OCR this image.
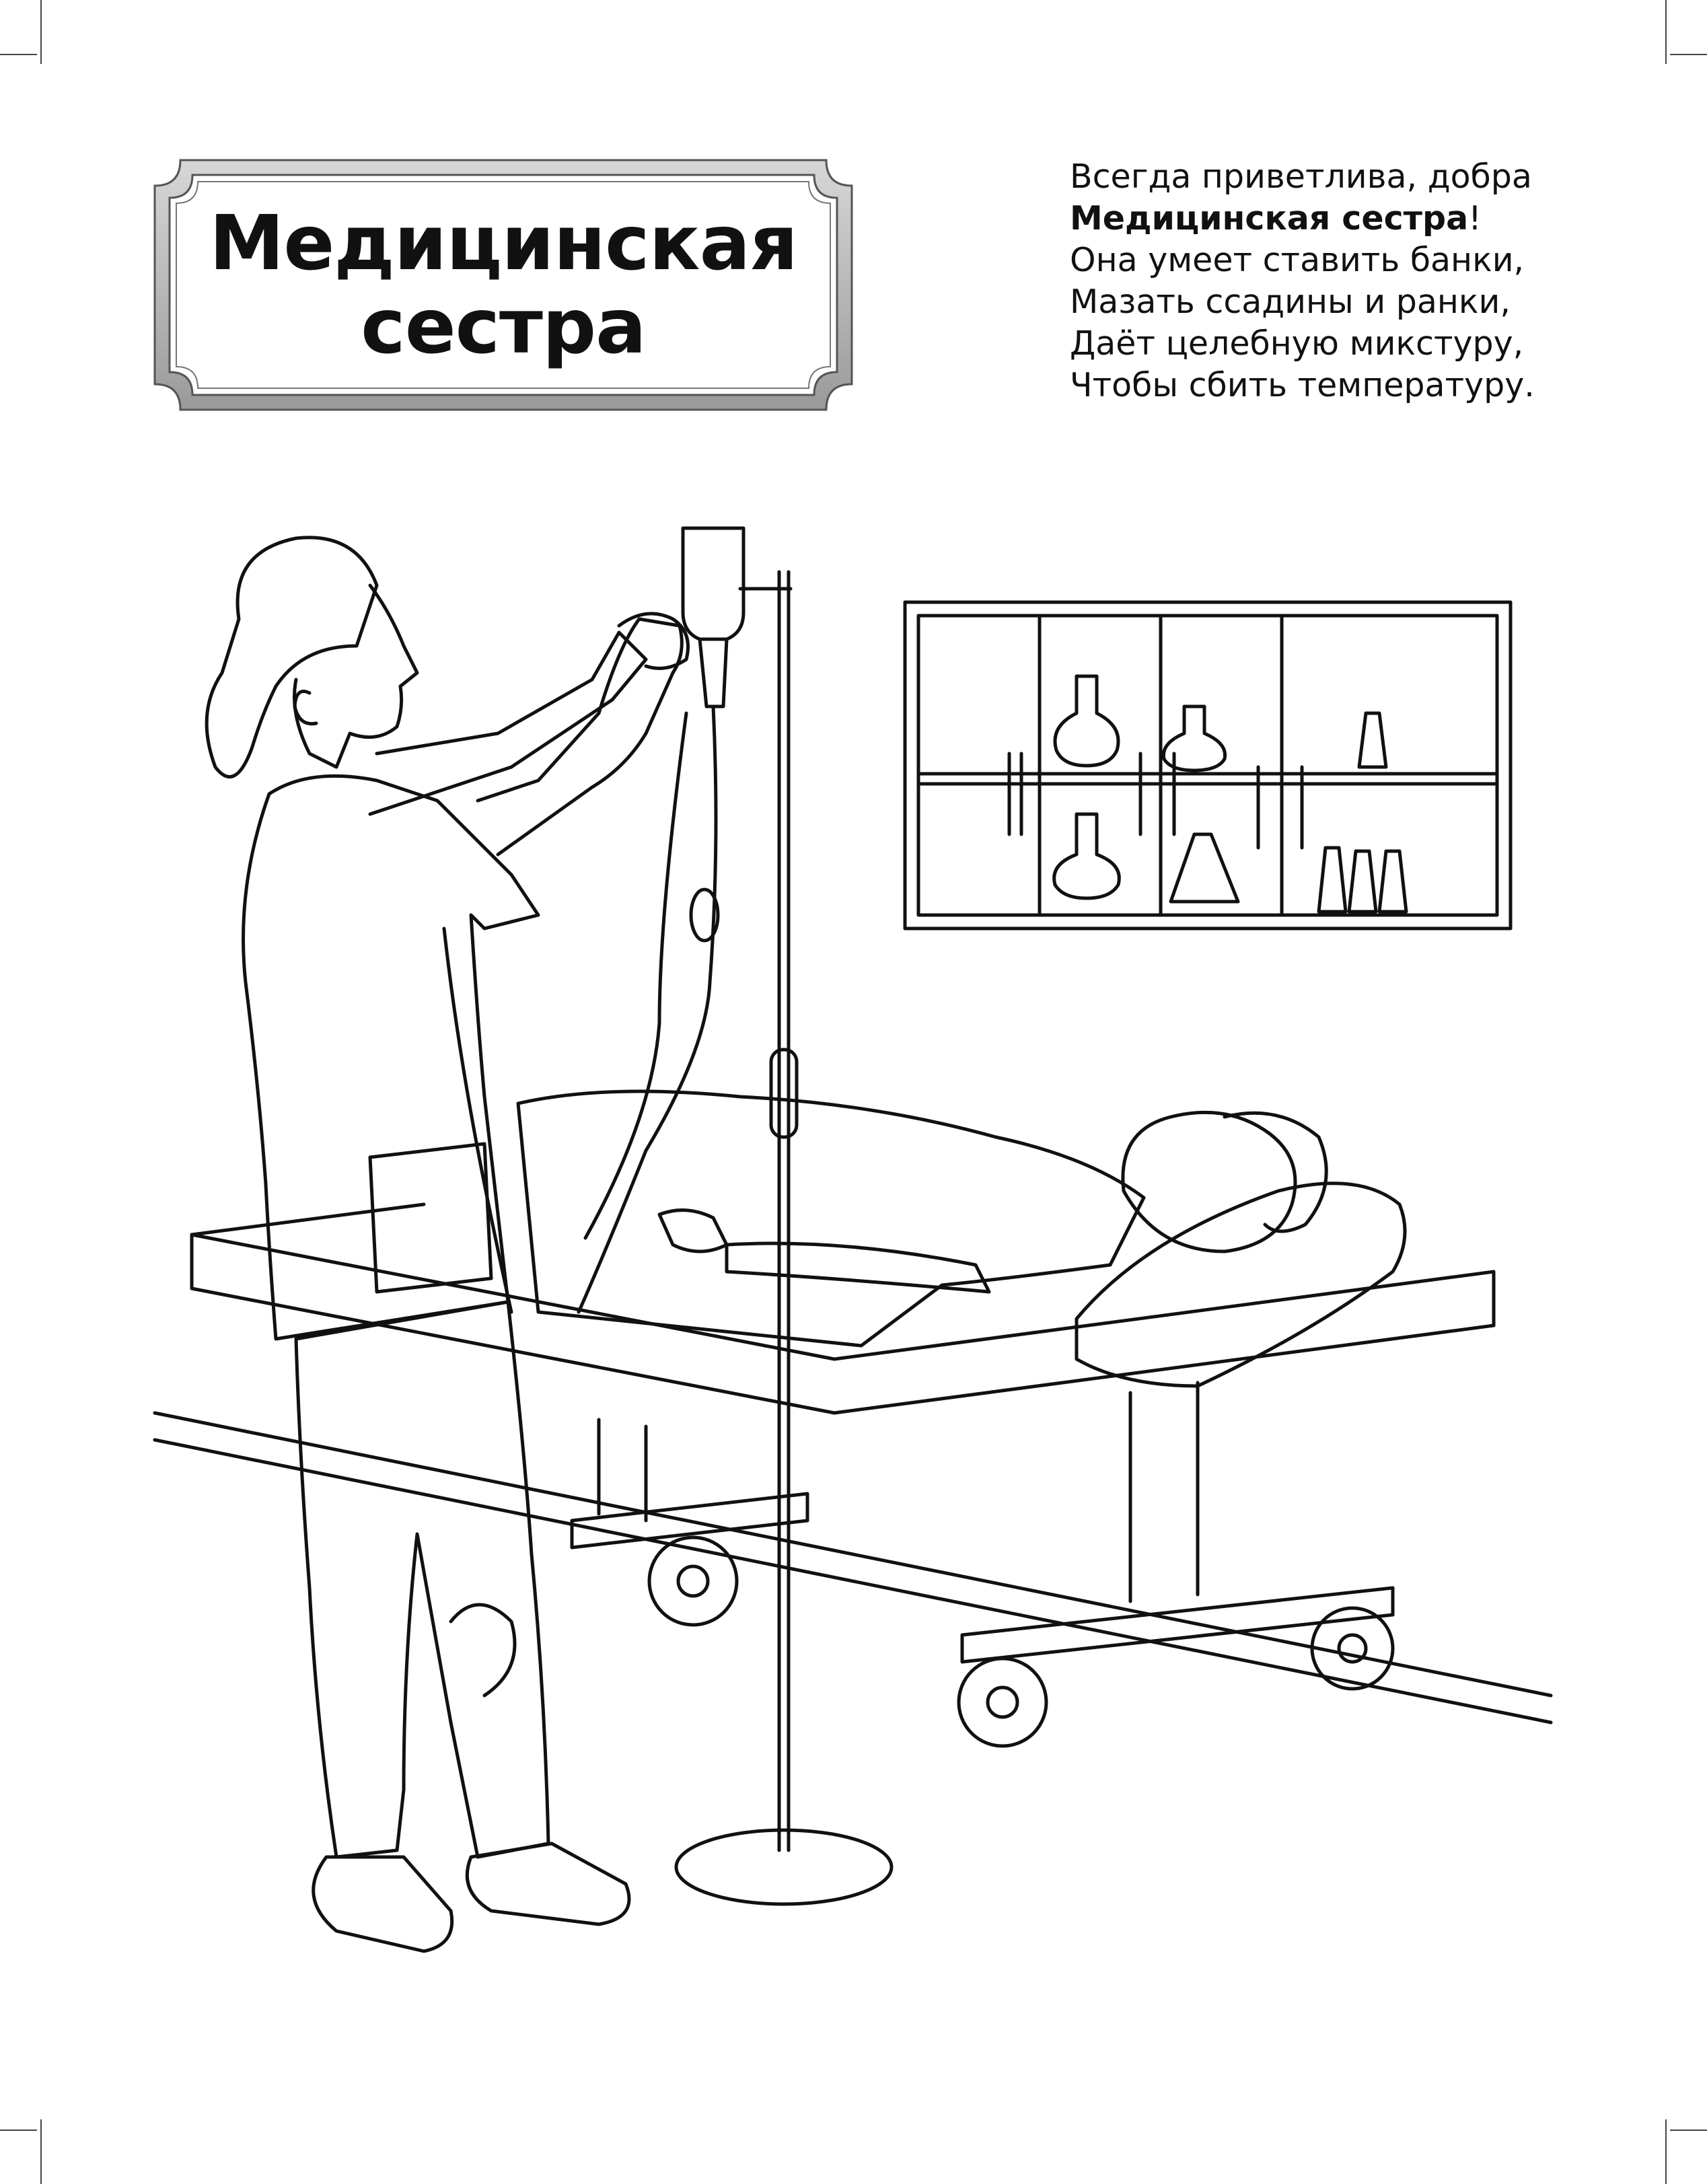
Медицинская
сестра
Всегда приветлива, добра
Медицинская сестра!
Она умеет ставить банки,
Мазать ссадины и ранки,
Даёт целебную микстуру,
Чтобы сбить температуру.
